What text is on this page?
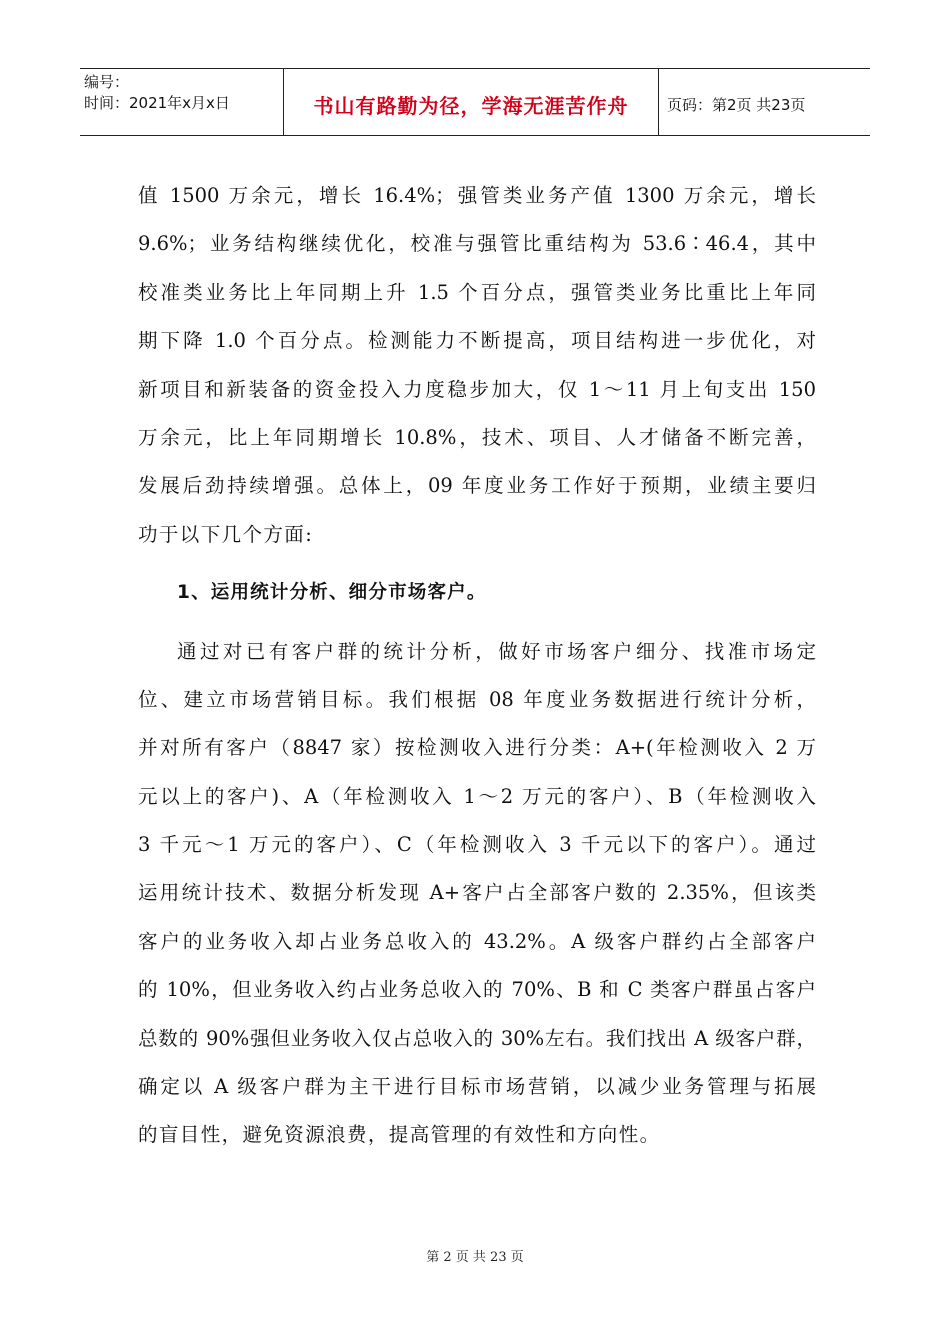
编号：
时间：2021年x月x日	书山有路勤为径，学海无涯苦作舟	页码：第2页 共23页
值 1500 万余元，增长 16.4%；强管类业务产值 1300 万余元，增长
9.6%；业务结构继续优化，校准与强管比重结构为 53.6∶46.4，其中
校准类业务比上年同期上升 1.5 个百分点，强管类业务比重比上年同
期下降 1.0 个百分点。检测能力不断提高，项目结构进一步优化，对
新项目和新装备的资金投入力度稳步加大，仅 1～11 月上旬支出 150
万余元，比上年同期增长 10.8%，技术、项目、人才储备不断完善，
发展后劲持续增强。总体上，09 年度业务工作好于预期，业绩主要归
功于以下几个方面:
1、运用统计分析、细分市场客户。
通过对已有客户群的统计分析，做好市场客户细分、找准市场定
位、建立市场营销目标。我们根据 08 年度业务数据进行统计分析，
并对所有客户（8847 家）按检测收入进行分类：A+(年检测收入 2 万
元以上的客户)、A（年检测收入 1～2 万元的客户）、B（年检测收入
3 千元～1 万元的客户）、C（年检测收入 3 千元以下的客户）。通过
运用统计技术、数据分析发现 A+客户占全部客户数的 2.35%，但该类
客户的业务收入却占业务总收入的 43.2%。A 级客户群约占全部客户
的 10%，但业务收入约占业务总收入的 70%、B 和 C 类客户群虽占客户
总数的 90%强但业务收入仅占总收入的 30%左右。我们找出 A 级客户群，
确定以 A 级客户群为主干进行目标市场营销，以减少业务管理与拓展
的盲目性，避免资源浪费，提高管理的有效性和方向性。
第 2 页 共 23 页
